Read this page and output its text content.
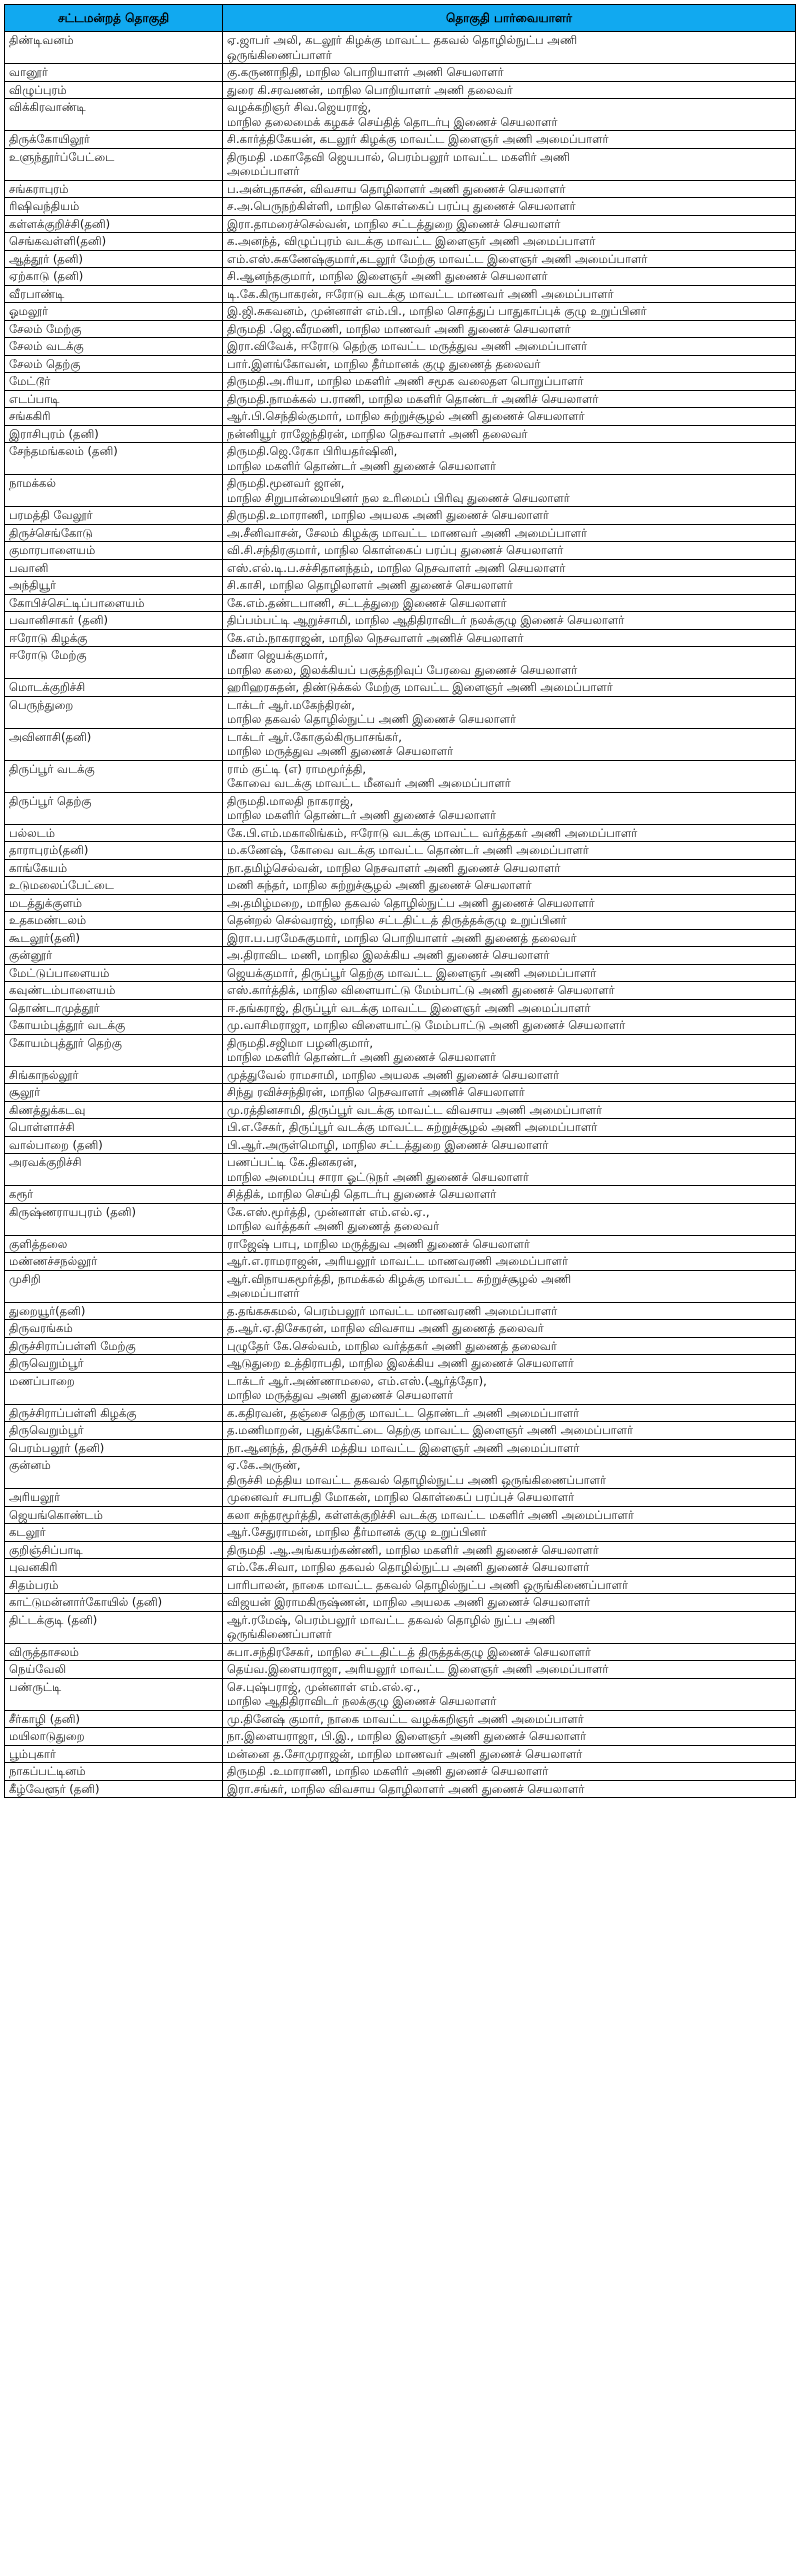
சட்டமன்றத் தொகுதி	தொகுதி பார்வையாளர்
திண்டிவனம்	ஏ.ஜாபர் அலி, கடலூர் கிழக்கு மாவட்ட தகவல் தொழில்நுட்ப அணி
ஒருங்கிணைப்பாளர்
வானூர்	கு.கருணாநிதி, மாநில பொறியாளர் அணி செயலாளர்
விழுப்புரம்	துரை கி.சரவணன், மாநில பொறியாளர் அணி தலைவர்
விக்கிரவாண்டி	வழக்கறிஞர் சிவ.ஜெயராஜ்,
மாநில தலைமைக் கழகச் செய்தித் தொடர்பு இணைச் செயலாளர்
திருக்கோயிலூர்	சி.கார்த்திகேயன், கடலூர் கிழக்கு மாவட்ட இளைஞர் அணி அமைப்பாளர்
உளுந்தூர்ப்பேட்டை	திருமதி .மகாதேவி ஜெயபால், பெரம்பலூர் மாவட்ட மகளிர் அணி
அமைப்பாளர்
சங்கராபுரம்	ப.அன்புதாசன், விவசாய தொழிலாளர் அணி துணைச் செயலாளர்
ரிஷிவந்தியம்	ச.அ.பெருநற்கிள்ளி, மாநில கொள்கைப் பரப்பு துணைச் செயலாளர்
கள்ளக்குறிச்சி(தனி)	இரா.தாமரைச்செல்வன், மாநில சட்டத்துறை இணைச் செயலாளர்
செங்கவள்ளி(தனி)	க.அனந்த், விழுப்புரம் வடக்கு மாவட்ட இளைஞர் அணி அமைப்பாளர்
ஆத்தூர் (தனி)	எம்.எஸ்.சுகணேஷ்குமார்,கடலூர் மேற்கு மாவட்ட இளைஞர் அணி அமைப்பாளர்
ஏற்காடு (தனி)	சி.ஆனந்தகுமார், மாநில இளைஞர் அணி துணைச் செயலாளர்
வீரபாண்டி	டி.கே.கிருபாகரன், ஈரோடு வடக்கு மாவட்ட மாணவர் அணி அமைப்பாளர்
ஓமலூர்	இ.ஜி.சுகவனம், முன்னாள் எம்.பி., மாநில சொத்துப் பாதுகாப்புக் குழு உறுப்பினர்
சேலம் மேற்கு	திருமதி .ஜெ.வீரமணி, மாநில மாணவர் அணி துணைச் செயலாளர்
சேலம் வடக்கு	இரா.விவேக், ஈரோடு தெற்கு மாவட்ட மருத்துவ அணி அமைப்பாளர்
சேலம் தெற்கு	பார்.இளங்கோவன், மாநில தீர்மானக் குழு துணைத் தலைவர்
மேட்டூர்	திருமதி.அ.ரியா, மாநில மகளிர் அணி சமூக வலைதள பொறுப்பாளர்
எடப்பாடி	திருமதி.நாமக்கல் ப.ராணி, மாநில மகளிர் தொண்டர் அணிச் செயலாளர்
சங்ககிரி	ஆர்.பி.செந்தில்குமார், மாநில சுற்றுச்சூழல் அணி துணைச் செயலாளர்
இராசிபுரம் (தனி)	நன்னியூர் ராஜேந்திரன், மாநில நெசவாளர் அணி தலைவர்
சேந்தமங்கலம் (தனி)	திருமதி.ஜெ.ரேகா பிரியதர்ஷினி,
மாநில மகளிர் தொண்டர் அணி துணைச் செயலாளர்
நாமக்கல்	திருமதி.மூனவர் ஜான்,
மாநில சிறுபான்மையினர் நல உரிமைப் பிரிவு துணைச் செயலாளர்
பரமத்தி வேலூர்	திருமதி.உமாராணி, மாநில அயலக அணி துணைச் செயலாளர்
திருச்செங்கோடு	அ.சீனிவாசன், சேலம் கிழக்கு மாவட்ட மாணவர் அணி அமைப்பாளர்
குமாரபாளையம்	வி.சி.சந்திரகுமார், மாநில கொள்கைப் பரப்பு துணைச் செயலாளர்
பவானி	எஸ்.எல்.டி.ப.சச்சிதானந்தம், மாநில நெசவாளர் அணி செயலாளர்
அந்தியூர்	சி.காசி, மாநில தொழிலாளர் அணி துணைச் செயலாளர்
கோபிச்செட்டிப்பாளையம்	கே.எம்.தண்டபாணி, சட்டத்துறை இணைச் செயலாளர்
பவானிசாகர் (தனி)	திப்பம்பட்டி ஆறுச்சாமி, மாநில ஆதிதிராவிடர் நலக்குழு இணைச் செயலாளர்
ஈரோடு கிழக்கு	கே.எம்.நாகராஜன், மாநில நெசவாளர் அணிச் செயலாளர்
ஈரோடு மேற்கு	மீனா ஜெயக்குமார்,
மாநில கலை, இலக்கியப் பகுத்தறிவுப் பேரவை துணைச் செயலாளர்
மொடக்குறிச்சி	ஹரிஹரசுதன், திண்டுக்கல் மேற்கு மாவட்ட இளைஞர் அணி அமைப்பாளர்
பெருந்துறை	டாக்டர் ஆர்.மகேந்திரன்,
மாநில தகவல் தொழில்நுட்ப அணி இணைச் செயலாளர்
அவினாசி(தனி)	டாக்டர் ஆர்.கோகுல்கிருபாசங்கர்,
மாநில மருத்துவ அணி துணைச் செயலாளர்
திருப்பூர் வடக்கு	ராம் குட்டி (எ) ராமமூர்த்தி,
கோவை வடக்கு மாவட்ட மீனவர் அணி அமைப்பாளர்
திருப்பூர் தெற்கு	திருமதி.மாலதி நாகராஜ்,
மாநில மகளிர் தொண்டர் அணி துணைச் செயலாளர்
பல்லடம்	கே.பி.எம்.மகாலிங்கம், ஈரோடு வடக்கு மாவட்ட வர்த்தகர் அணி அமைப்பாளர்
தாராபுரம்(தனி)	ம.கணேஷ், கோவை வடக்கு மாவட்ட தொண்டர் அணி அமைப்பாளர்
காங்கேயம்	நா.தமிழ்செல்வன், மாநில நெசவாளர் அணி துணைச் செயலாளர்
உடுமலைப்பேட்டை	மணி சுந்தர், மாநில சுற்றுச்சூழல் அணி துணைச் செயலாளர்
மடத்துக்குளம்	அ.தமிழ்மறை, மாநில தகவல் தொழில்நுட்ப அணி துணைச் செயலாளர்
உதகமண்டலம்	தென்றல் செல்வராஜ், மாநில சட்டதிட்டத் திருத்தக்குழு உறுப்பினர்
கூடலூர்(தனி)	இரா.ப.பரமேசுகுமார், மாநில பொறியாளர் அணி துணைத் தலைவர்
குன்னூர்	அ.திராவிட மணி, மாநில இலக்கிய அணி துணைச் செயலாளர்
மேட்டுப்பாளையம்	ஜெயக்குமார், திருப்பூர் தெற்கு மாவட்ட இளைஞர் அணி அமைப்பாளர்
கவுண்டம்பாளையம்	எஸ்.கார்த்திக், மாநில விளையாட்டு மேம்பாட்டு அணி துணைச் செயலாளர்
தொண்டாமுத்தூர்	ஈ.தங்கராஜ், திருப்பூர் வடக்கு மாவட்ட இளைஞர் அணி அமைப்பாளர்
கோயம்புத்தூர் வடக்கு	மு.வாசிமராஜா, மாநில விளையாட்டு மேம்பாட்டு அணி துணைச் செயலாளர்
கோயம்புத்தூர் தெற்கு	திருமதி.சஜிமா பழனிகுமார்,
மாநில மகளிர் தொண்டர் அணி துணைச் செயலாளர்
சிங்காநல்லூர்	முத்துவேல் ராமசாமி, மாநில அயலக அணி துணைச் செயலாளர்
சூலூர்	சிந்து ரவிச்சந்திரன், மாநில நெசவாளர் அணிச் செயலாளர்
கிணத்துக்கடவு	மு.ரத்தினசாமி, திருப்பூர் வடக்கு மாவட்ட விவசாய அணி அமைப்பாளர்
பொள்ளாச்சி	பி.எ.சேகர், திருப்பூர் வடக்கு மாவட்ட சுற்றுச்சூழல் அணி அமைப்பாளர்
வால்பாறை (தனி)	பி.ஆர்.அருள்மொழி, மாநில சட்டத்துறை இணைச் செயலாளர்
அரவக்குறிச்சி	பணப்பட்டி கே.தினகரன்,
மாநில அமைப்பு சாரா ஓட்டுநர் அணி துணைச் செயலாளர்
கரூர்	சித்திக், மாநில செய்தி தொடர்பு துணைச் செயலாளர்
கிருஷ்ணராயபுரம் (தனி)	கே.எஸ்.மூர்த்தி, முன்னாள் எம்.எல்.ஏ.,
மாநில வர்த்தகர் அணி துணைத் தலைவர்
குளித்தலை	ராஜேஷ் பாபு, மாநில மருத்துவ அணி துணைச் செயலாளர்
மண்ணச்சநல்லூர்	ஆர்.எ.ராமராஜன், அரியலூர் மாவட்ட மாணவரணி அமைப்பாளர்
முசிறி	ஆர்.விநாயகமூர்த்தி, நாமக்கல் கிழக்கு மாவட்ட சுற்றுச்சூழல் அணி
அமைப்பாளர்
துறையூர்(தனி)	த.தங்கசுகமல், பெரம்பலூர் மாவட்ட மாணவரணி அமைப்பாளர்
திருவரங்கம்	த.ஆர்.ஏ.திசேகரன், மாநில விவசாய அணி துணைத் தலைவர்
திருச்சிராப்பள்ளி மேற்கு	புழுதேர் கே.செல்வம், மாநில வர்த்தகர் அணி துணைத் தலைவர்
திருவெறும்பூர்	ஆடுதுறை உத்திராபதி, மாநில இலக்கிய அணி துணைச் செயலாளர்
மணப்பாறை	டாக்டர் ஆர்.அண்ணாமலை, எம்.எஸ்.(ஆர்த்தோ),
மாநில மருத்துவ அணி துணைச் செயலாளர்
திருச்சிராப்பள்ளி கிழக்கு	க.கதிரவன், தஞ்சை தெற்கு மாவட்ட தொண்டர் அணி அமைப்பாளர்
திருவெறும்பூர்	த.மணிமாறன், புதுக்கோட்டை தெற்கு மாவட்ட இளைஞர் அணி அமைப்பாளர்
பெரம்பலூர் (தனி)	நா.ஆனந்த், திருச்சி மத்திய மாவட்ட இளைஞர் அணி அமைப்பாளர்
குன்னம்	ஏ.கே.அருண்,
திருச்சி மத்திய மாவட்ட தகவல் தொழில்நுட்ப அணி ஒருங்கிணைப்பாளர்
அரியலூர்	முனைவர் சபாபதி மோகன், மாநில கொள்கைப் பரப்புச் செயலாளர்
ஜெயங்கொண்டம்	கலா சுந்தரமூர்த்தி, கள்ளக்குறிச்சி வடக்கு மாவட்ட மகளிர் அணி அமைப்பாளர்
கடலூர்	ஆர்.சேதுராமன், மாநில தீர்மானக் குழு உறுப்பினர்
குறிஞ்சிப்பாடி	திருமதி .ஆ.அங்கயற்கண்ணி, மாநில மகளிர் அணி துணைச் செயலாளர்
புவனகிரி	எம்.கே.சிவா, மாநில தகவல் தொழில்நுட்ப அணி துணைச் செயலாளர்
சிதம்பரம்	பாரிபாலன், நாகை மாவட்ட தகவல் தொழில்நுட்ப அணி ஒருங்கிணைப்பாளர்
காட்டுமன்னார்கோயில் (தனி)	விஜயன் இராமகிருஷ்ணன், மாநில அயலக அணி துணைச் செயலாளர்
திட்டக்குடி (தனி)	ஆர்.ரமேஷ், பெரம்பலூர் மாவட்ட தகவல் தொழில் நுட்ப அணி
ஒருங்கிணைப்பாளர்
விருத்தாசலம்	சுபா.சந்திரசேகர், மாநில சட்டதிட்டத் திருத்தக்குழு இணைச் செயலாளர்
நெய்வேலி	தெய்வ.இளையராஜா, அரியலூர் மாவட்ட இளைஞர் அணி அமைப்பாளர்
பண்ருட்டி	செ.புஷ்பராஜ், முன்னாள் எம்.எல்.ஏ.,
மாநில ஆதிதிராவிடர் நலக்குழு இணைச் செயலாளர்
சீர்காழி (தனி)	மு.தினேஷ் குமார், நாகை மாவட்ட வழக்கறிஞர் அணி அமைப்பாளர்
மயிலாடுதுறை	நா.இளையராஜா, பி.இ., மாநில இளைஞர் அணி துணைச் செயலாளர்
பூம்புகார்	மன்னை த.சோமுராஜன், மாநில மாணவர் அணி துணைச் செயலாளர்
நாகப்பட்டினம்	திருமதி .உமாராணி, மாநில மகளிர் அணி துணைச் செயலாளர்
கீழ்வேளூர் (தனி)	இரா.சங்கர், மாநில விவசாய தொழிலாளர் அணி துணைச் செயலாளர்
